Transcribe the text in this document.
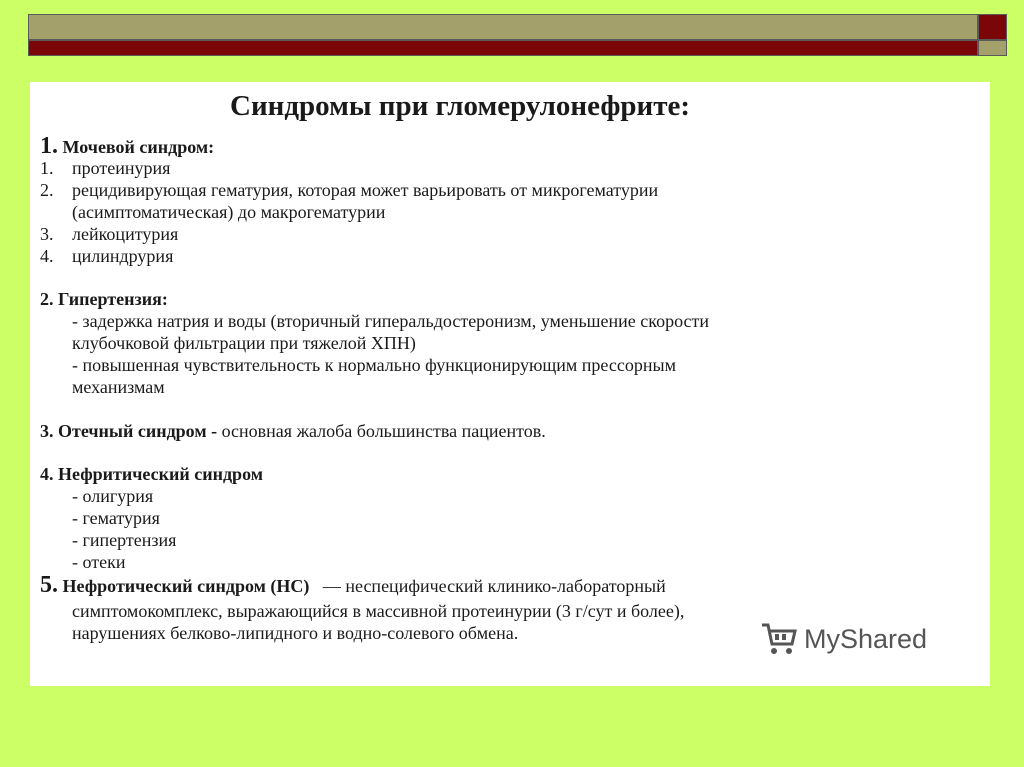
Синдромы при гломерулонефрите:
1. Мочевой синдром:
1. протеинурия
2. рецидивирующая гематурия, которая может варьировать от микрогематурии
(асимптоматическая) до макрогематурии
3. лейкоцитурия
4. цилиндрурия
2. Гипертензия:
- задержка натрия и воды (вторичный гиперальдостеронизм, уменьшение скорости
клубочковой фильтрации при тяжелой ХПН)
- повышенная чувствительность к нормально функционирующим прессорным
механизмам
3. Отечный синдром - основная жалоба большинства пациентов.
4. Нефритический синдром
- олигурия
- гематурия
- гипертензия
- отеки
5. Нефротический синдром (НС) — неспецифический клинико-лабораторный
симптомокомплекс, выражающийся в массивной протеинурии (3 г/сут и более),
нарушениях белково-липидного и водно-солевого обмена.	MyShared
